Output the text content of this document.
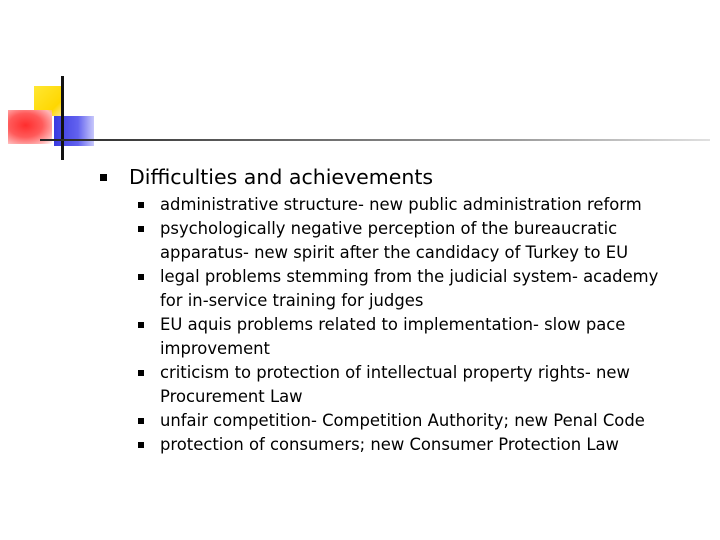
Difficulties and achievements
administrative structure- new public administration reform
psychologically negative perception of the bureaucratic
apparatus- new spirit after the candidacy of Turkey to EU
legal problems stemming from the judicial system- academy
for in-service training for judges
EU aquis problems related to implementation- slow pace
improvement
criticism to protection of intellectual property rights- new
Procurement Law
unfair competition- Competition Authority; new Penal Code
protection of consumers; new Consumer Protection Law
